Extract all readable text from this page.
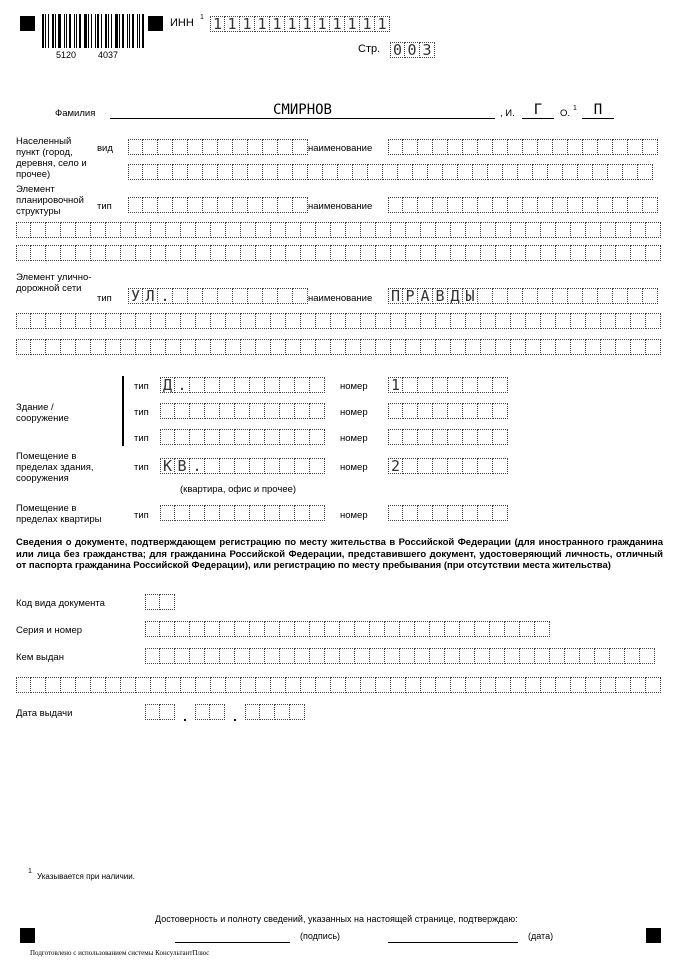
5120 4037
ИНН 1 1 1 1 1 1 1 1 1 1 1 1 1
Стр. 0 0 3
Фамилия	СМИРНОВ	, И.	Г	О. 1	П
Населенный пункт (город, деревня, село и прочее)
вид	наименование
Элемент планировочной структуры	тип	наименование
Элемент улично-дорожной сети
тип У Л .	наименование П Р А В Д Ы
Здание / сооружение
тип Д .	номер 1
тип	номер
тип	номер
Помещение в пределах здания, сооружения
тип К В .	номер 2
(квартира, офис и прочее)
Помещение в пределах квартиры	тип	номер
Сведения о документе, подтверждающем регистрацию по месту жительства в Российской Федерации (для иностранного гражданина или лица без гражданства; для гражданина Российской Федерации, представившего документ, удостоверяющий личность, отличный от паспорта гражданина Российской Федерации), или регистрацию по месту пребывания (при отсутствии места жительства)
Код вида документа
Серия и номер
Кем выдан
Дата выдачи	.	.
1
Указывается при наличии.
Достоверность и полноту сведений, указанных на настоящей странице, подтверждаю:
(подпись)	(дата)
Подготовлено с использованием системы КонсультантПлюс
